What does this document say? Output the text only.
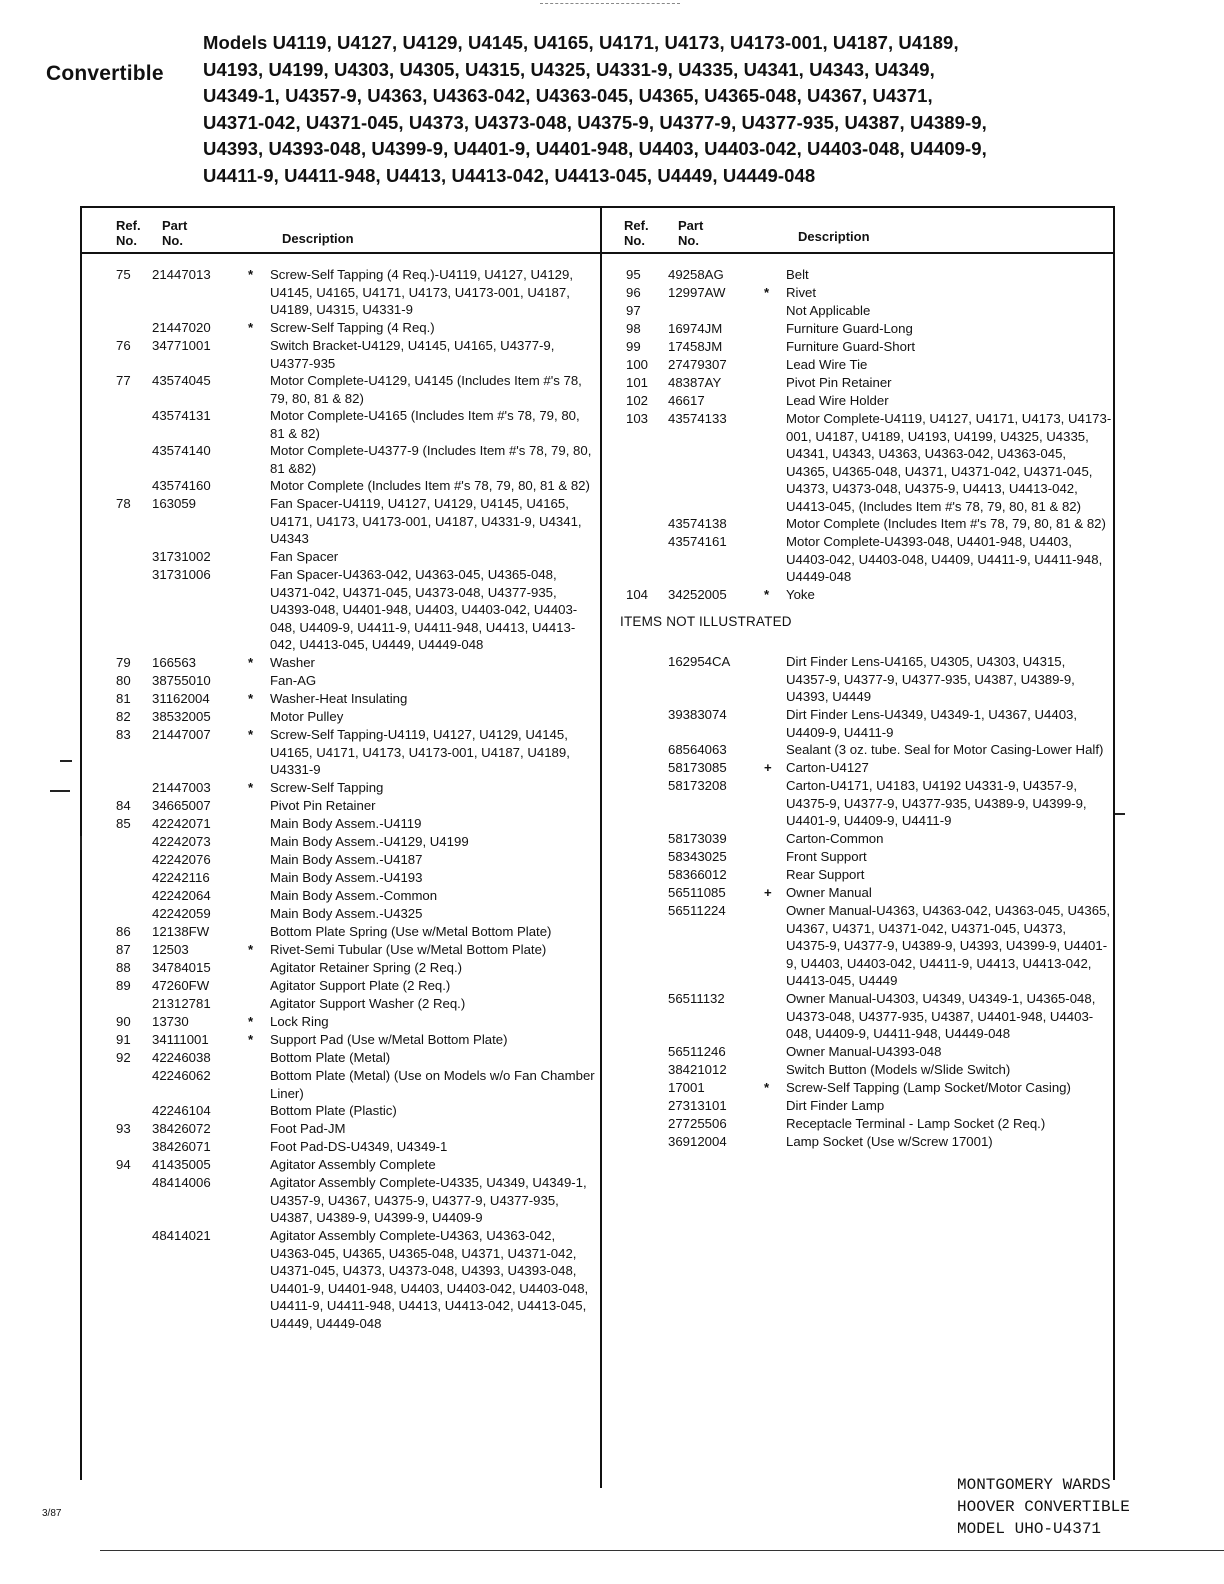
Convertible
Models U4119, U4127, U4129, U4145, U4165, U4171, U4173, U4173-001, U4187, U4189,
U4193, U4199, U4303, U4305, U4315, U4325, U4331-9, U4335, U4341, U4343, U4349,
U4349-1, U4357-9, U4363, U4363-042, U4363-045, U4365, U4365-048, U4367, U4371,
U4371-042, U4371-045, U4373, U4373-048, U4375-9, U4377-9, U4377-935, U4387, U4389-9,
U4393, U4393-048, U4399-9, U4401-9, U4401-948, U4403, U4403-042, U4403-048, U4409-9,
U4411-9, U4411-948, U4413, U4413-042, U4413-045, U4449, U4449-048
Ref.
No.
Part
No.	Description
75	21447013	*	Screw-Self Tapping (4 Req.)-U4119, U4127, U4129, U4145, U4165, U4171, U4173, U4173-001, U4187, U4189, U4315, U4331-9
21447020	*	Screw-Self Tapping (4 Req.)
76	34771001	Switch Bracket-U4129, U4145, U4165, U4377-9, U4377-935
77	43574045	Motor Complete-U4129, U4145 (Includes Item #'s 78, 79, 80, 81 & 82)
43574131	Motor Complete-U4165 (Includes Item #'s 78, 79, 80, 81 & 82)
43574140	Motor Complete-U4377-9 (Includes Item #'s 78, 79, 80, 81 &82)
43574160	Motor Complete (Includes Item #'s 78, 79, 80, 81 & 82)
78	163059	Fan Spacer-U4119, U4127, U4129, U4145, U4165, U4171, U4173, U4173-001, U4187, U4331-9, U4341, U4343
31731002	Fan Spacer
31731006	Fan Spacer-U4363-042, U4363-045, U4365-048, U4371-042, U4371-045, U4373-048, U4377-935, U4393-048, U4401-948, U4403, U4403-042, U4403-048, U4409-9, U4411-9, U4411-948, U4413, U4413-042, U4413-045, U4449, U4449-048
79	166563	*	Washer
80	38755010	Fan-AG
81	31162004	*	Washer-Heat Insulating
82	38532005	Motor Pulley
83	21447007	*	Screw-Self Tapping-U4119, U4127, U4129, U4145, U4165, U4171, U4173, U4173-001, U4187, U4189, U4331-9
21447003	*	Screw-Self Tapping
84	34665007	Pivot Pin Retainer
85	42242071	Main Body Assem.-U4119
42242073	Main Body Assem.-U4129, U4199
42242076	Main Body Assem.-U4187
42242116	Main Body Assem.-U4193
42242064	Main Body Assem.-Common
42242059	Main Body Assem.-U4325
86	12138FW	Bottom Plate Spring (Use w/Metal Bottom Plate)
87	12503	*	Rivet-Semi Tubular (Use w/Metal Bottom Plate)
88	34784015	Agitator Retainer Spring (2 Req.)
89	47260FW	Agitator Support Plate (2 Req.)
21312781	Agitator Support Washer (2 Req.)
90	13730	*	Lock Ring
91	34111001	*	Support Pad (Use w/Metal Bottom Plate)
92	42246038	Bottom Plate (Metal)
42246062	Bottom Plate (Metal) (Use on Models w/o Fan Chamber Liner)
42246104	Bottom Plate (Plastic)
93	38426072	Foot Pad-JM
38426071	Foot Pad-DS-U4349, U4349-1
94	41435005	Agitator Assembly Complete
48414006	Agitator Assembly Complete-U4335, U4349, U4349-1, U4357-9, U4367, U4375-9, U4377-9, U4377-935, U4387, U4389-9, U4399-9, U4409-9
48414021	Agitator Assembly Complete-U4363, U4363-042, U4363-045, U4365, U4365-048, U4371, U4371-042, U4371-045, U4373, U4373-048, U4393, U4393-048, U4401-9, U4401-948, U4403, U4403-042, U4403-048, U4411-9, U4411-948, U4413, U4413-042, U4413-045, U4449, U4449-048
Ref.
No.
Part
No.	Description
95	49258AG	Belt
96	12997AW	*	Rivet
97	Not Applicable
98	16974JM	Furniture Guard-Long
99	17458JM	Furniture Guard-Short
100	27479307	Lead Wire Tie
101	48387AY	Pivot Pin Retainer
102	46617	Lead Wire Holder
103	43574133	Motor Complete-U4119, U4127, U4171, U4173, U4173-001, U4187, U4189, U4193, U4199, U4325, U4335, U4341, U4343, U4363, U4363-042, U4363-045, U4365, U4365-048, U4371, U4371-042, U4371-045, U4373, U4373-048, U4375-9, U4413, U4413-042, U4413-045, (Includes Item #'s 78, 79, 80, 81 & 82)
43574138	Motor Complete (Includes Item #'s 78, 79, 80, 81 & 82)
43574161	Motor Complete-U4393-048, U4401-948, U4403, U4403-042, U4403-048, U4409, U4411-9, U4411-948, U4449-048
104	34252005	*	Yoke
ITEMS NOT ILLUSTRATED
162954CA	Dirt Finder Lens-U4165, U4305, U4303, U4315, U4357-9, U4377-9, U4377-935, U4387, U4389-9, U4393, U4449
39383074	Dirt Finder Lens-U4349, U4349-1, U4367, U4403, U4409-9, U4411-9
68564063	Sealant (3 oz. tube. Seal for Motor Casing-Lower Half)
58173085	+	Carton-U4127
58173208	Carton-U4171, U4183, U4192 U4331-9, U4357-9, U4375-9, U4377-9, U4377-935, U4389-9, U4399-9, U4401-9, U4409-9, U4411-9
58173039	Carton-Common
58343025	Front Support
58366012	Rear Support
56511085	+	Owner Manual
56511224	Owner Manual-U4363, U4363-042, U4363-045, U4365, U4367, U4371, U4371-042, U4371-045, U4373, U4375-9, U4377-9, U4389-9, U4393, U4399-9, U4401-9, U4403, U4403-042, U4411-9, U4413, U4413-042, U4413-045, U4449
56511132	Owner Manual-U4303, U4349, U4349-1, U4365-048, U4373-048, U4377-935, U4387, U4401-948, U4403-048, U4409-9, U4411-948, U4449-048
56511246	Owner Manual-U4393-048
38421012	Switch Button (Models w/Slide Switch)
17001	*	Screw-Self Tapping (Lamp Socket/Motor Casing)
27313101	Dirt Finder Lamp
27725506	Receptacle Terminal - Lamp Socket (2 Req.)
36912004	Lamp Socket (Use w/Screw 17001)
MONTGOMERY WARDS
HOOVER CONVERTIBLE
MODEL UHO-U4371
3/87
